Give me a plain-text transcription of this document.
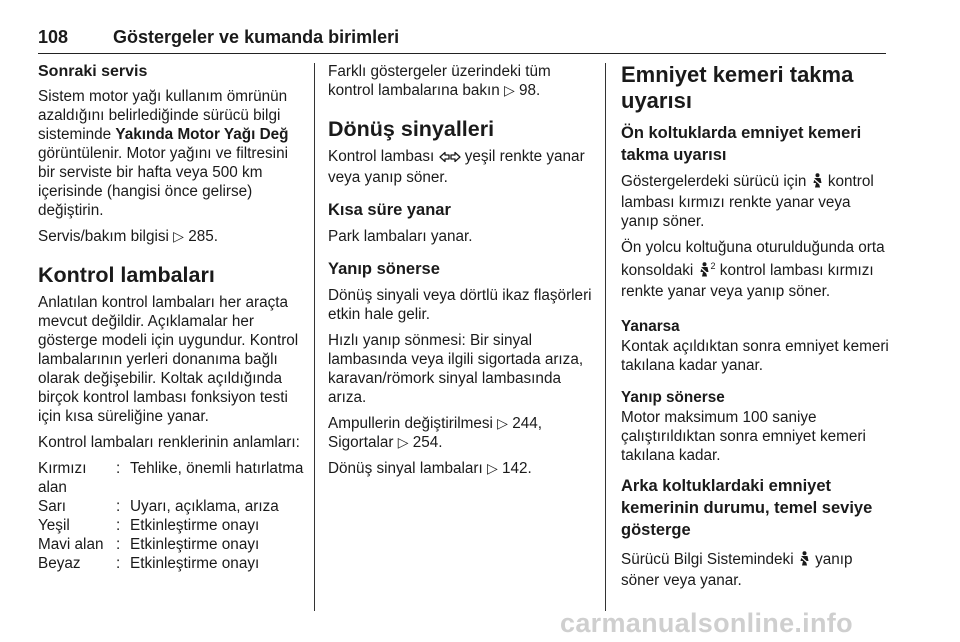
108 Göstergeler ve kumanda birimleri
Sonraki servis

Sistem motor yağı kullanım ömrünün azaldığını belirlediğinde sürücü bilgi sisteminde Yakında Motor Yağı Değ görüntülenir. Motor yağını ve filtresini bir serviste bir hafta veya 500 km içerisinde (hangisi önce gelirse) değiştirin.

Servis/bakım bilgisi ▷ 285.

Kontrol lambaları

Anlatılan kontrol lambaları her araçta mevcut değildir. Açıklamalar her gösterge modeli için uygundur. Kontrol lambalarının yerleri donanıma bağlı olarak değişebilir. Koltak açıldığında birçok kontrol lambası fonksiyon testi için kısa süreliğine yanar.

Kontrol lambaları renklerinin anlamları:

Kırmızı alan	:	Tehlike, önemli hatırlatma
Sarı	:	Uyarı, açıklama, arıza
Yeşil	:	Etkinleştirme onayı
Mavi alan	:	Etkinleştirme onayı
Beyaz	:	Etkinleştirme onayı

Farklı göstergeler üzerindeki tüm kontrol lambalarına bakın ▷ 98.

Dönüş sinyalleri

Kontrol lambası  yeşil renkte yanar veya yanıp söner.

Kısa süre yanar

Park lambaları yanar.

Yanıp sönerse

Dönüş sinyali veya dörtlü ikaz flaşörleri etkin hale gelir.

Hızlı yanıp sönmesi: Bir sinyal lambasında veya ilgili sigortada arıza, karavan/römork sinyal lambasında arıza.

Ampullerin değiştirilmesi ▷ 244,
Sigortalar ▷ 254.

Dönüş sinyal lambaları ▷ 142.

Emniyet kemeri takma uyarısı
Ön koltuklarda emniyet kemeri takma uyarısı

Göstergelerdeki sürücü için  kontrol lambası kırmızı renkte yanar veya yanıp söner.

Ön yolcu koltuğuna oturulduğunda orta konsoldaki $^2$ kontrol lambası kırmızı renkte yanar veya yanıp söner.

Yanarsa

Kontak açıldıktan sonra emniyet kemeri takılana kadar yanar.

Yanıp sönerse

Motor maksimum 100 saniye çalıştırıldıktan sonra emniyet kemeri takılana kadar.

Arka koltuklardaki emniyet kemerinin durumu, temel seviye gösterge

Sürücü Bilgi Sistemindeki  yanıp söner veya yanar.

carmanualsonline.info
